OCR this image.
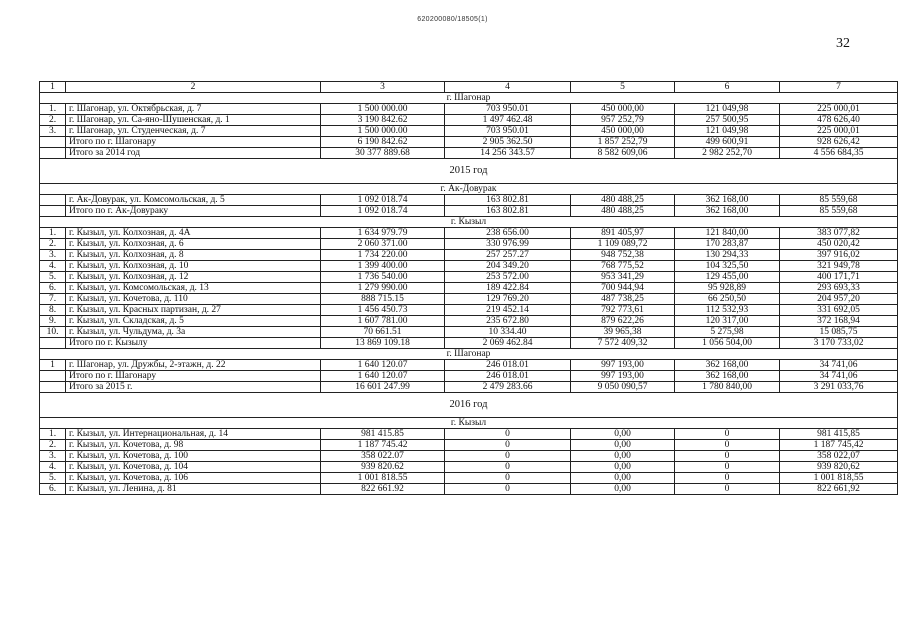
620200080/18505(1)
32
1	2	3	4	5	6	7
г. Шагонар						
1.	г. Шагонар, ул. Октябрьская, д. 7	1 500 000.00	703 950.01	450 000,00	121 049,98	225 000,01
2.	г. Шагонар, ул. Са-яно-Шушенская, д. 1	3 190 842.62	1 497 462.48	957 252,79	257 500,95	478 626,40
3.	г. Шагонар, ул. Студенческая, д. 7	1 500 000.00	703 950.01	450 000,00	121 049,98	225 000,01
	Итого по г. Шагонару	6 190 842.62	2 905 362.50	1 857 252,79	499 600,91	928 626,42
	Итого за 2014 год	30 377 889.68	14 256 343.57	8 582 609,06	2 982 252,70	4 556 684,35
2015 год						
г. Ак-Довурак						
	г. Ак-Довурак, ул. Комсомольская, д. 5	1 092 018.74	163 802.81	480 488,25	362 168,00	85 559,68
	Итого по г. Ак-Довураку	1 092 018.74	163 802.81	480 488,25	362 168,00	85 559,68
г. Кызыл						
1.	г. Кызыл, ул. Колхозная, д. 4А	1 634 979.79	238 656.00	891 405,97	121 840,00	383 077,82
2.	г. Кызыл, ул. Колхозная, д. 6	2 060 371.00	330 976.99	1 109 089,72	170 283,87	450 020,42
3.	г. Кызыл, ул. Колхозная, д. 8	1 734 220.00	257 257.27	948 752,38	130 294,33	397 916,02
4.	г. Кызыл, ул. Колхозная, д. 10	1 399 400.00	204 349.20	768 775,52	104 325,50	321 949,78
5.	г. Кызыл, ул. Колхозная, д. 12	1 736 540.00	253 572.00	953 341,29	129 455,00	400 171,71
6.	г. Кызыл, ул. Комсомольская, д. 13	1 279 990.00	189 422.84	700 944,94	95 928,89	293 693,33
7.	г. Кызыл, ул. Кочетова, д. 110	888 715.15	129 769.20	487 738,25	66 250,50	204 957,20
8.	г. Кызыл, ул. Красных партизан, д. 27	1 456 450.73	219 452.14	792 773,61	112 532,93	331 692,05
9.	г. Кызыл, ул. Складская, д. 5	1 607 781.00	235 672.80	879 622,26	120 317,00	372 168,94
10.	г. Кызыл, ул. Чульдума, д. 3а	70 661.51	10 334.40	39 965,38	5 275,98	15 085,75
	Итого по г. Кызылу	13 869 109.18	2 069 462.84	7 572 409,32	1 056 504,00	3 170 733,02
г. Шагонар						
1	г. Шагонар, ул. Дружбы, 2-этажн, д. 22	1 640 120.07	246 018.01	997 193,00	362 168,00	34 741,06
	Итого по г. Шагонару	1 640 120.07	246 018.01	997 193,00	362 168,00	34 741,06
	Итого за 2015 г.	16 601 247.99	2 479 283.66	9 050 090,57	1 780 840,00	3 291 033,76
2016 год						
г. Кызыл						
1.	г. Кызыл, ул. Интернациональная, д. 14	981 415.85	0	0,00	0	981 415,85
2.	г. Кызыл, ул. Кочетова, д. 98	1 187 745.42	0	0,00	0	1 187 745,42
3.	г. Кызыл, ул. Кочетова, д. 100	358 022.07	0	0,00	0	358 022,07
4.	г. Кызыл, ул. Кочетова, д. 104	939 820.62	0	0,00	0	939 820,62
5.	г. Кызыл, ул. Кочетова, д. 106	1 001 818.55	0	0,00	0	1 001 818,55
6.	г. Кызыл, ул. Ленина, д. 81	822 661.92	0	0,00	0	822 661,92
